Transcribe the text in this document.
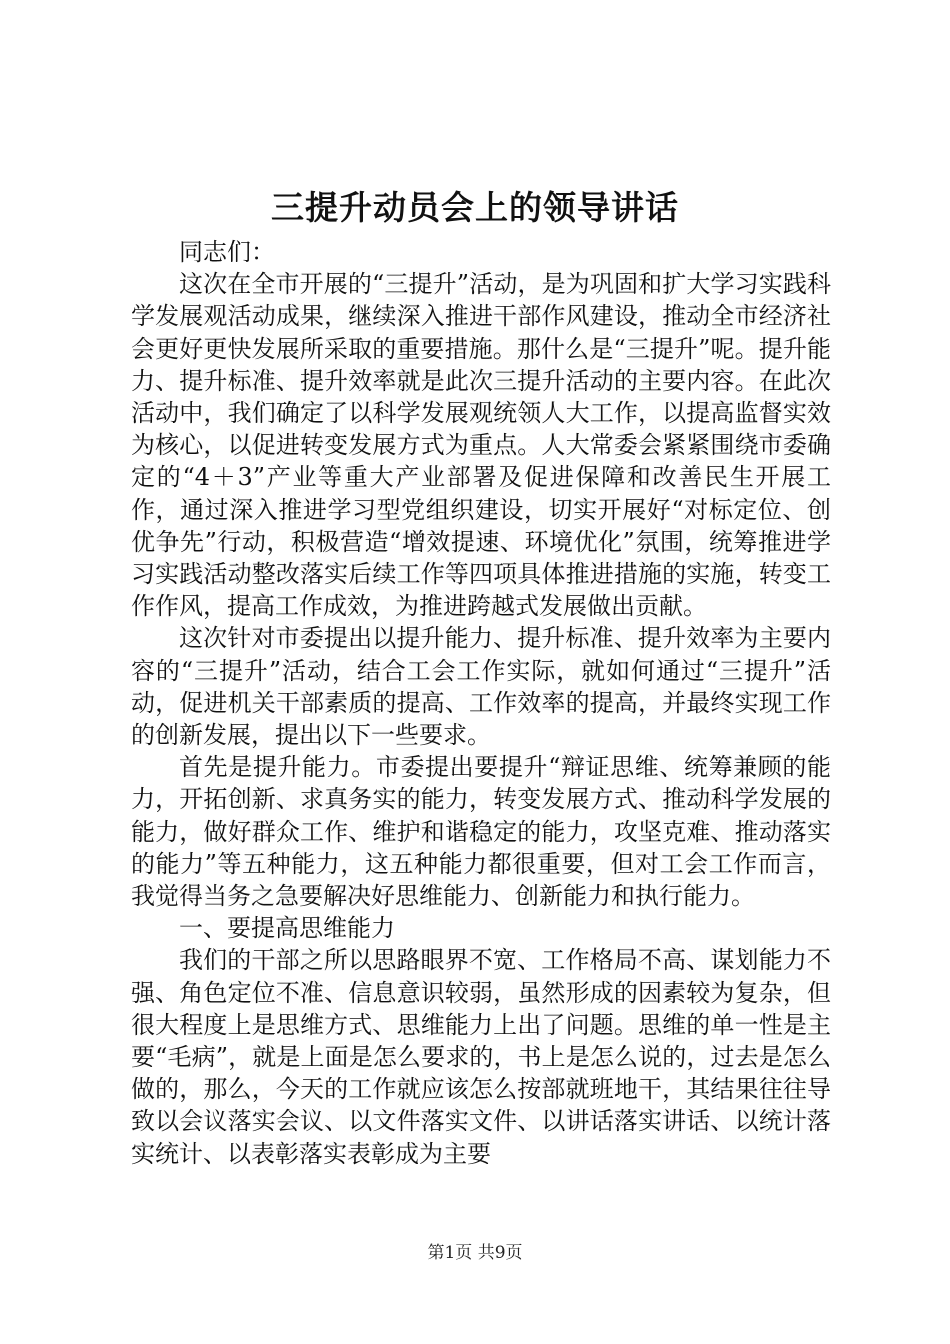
三提升动员会上的领导讲话

同志们：

这次在全市开展的“三提升”活动，是为巩固和扩大学习实践科学发展观活动成果，继续深入推进干部作风建设，推动全市经济社会更好更快发展所采取的重要措施。那什么是“三提升”呢。提升能力、提升标准、提升效率就是此次三提升活动的主要内容。在此次活动中，我们确定了以科学发展观统领人大工作，以提高监督实效为核心，以促进转变发展方式为重点。人大常委会紧紧围绕市委确定的“4＋3”产业等重大产业部署及促进保障和改善民生开展工作，通过深入推进学习型党组织建设，切实开展好“对标定位、创优争先”行动，积极营造“增效提速、环境优化”氛围，统筹推进学习实践活动整改落实后续工作等四项具体推进措施的实施，转变工作作风，提高工作成效，为推进跨越式发展做出贡献。

这次针对市委提出以提升能力、提升标准、提升效率为主要内容的“三提升”活动，结合工会工作实际，就如何通过“三提升”活动，促进机关干部素质的提高、工作效率的提高，并最终实现工作的创新发展，提出以下一些要求。

首先是提升能力。市委提出要提升“辩证思维、统筹兼顾的能力，开拓创新、求真务实的能力，转变发展方式、推动科学发展的能力，做好群众工作、维护和谐稳定的能力，攻坚克难、推动落实的能力”等五种能力，这五种能力都很重要，但对工会工作而言，我觉得当务之急要解决好思维能力、创新能力和执行能力。

一、要提高思维能力

我们的干部之所以思路眼界不宽、工作格局不高、谋划能力不强、角色定位不准、信息意识较弱，虽然形成的因素较为复杂，但很大程度上是思维方式、思维能力上出了问题。思维的单一性是主要“毛病”，就是上面是怎么要求的，书上是怎么说的，过去是怎么做的，那么，今天的工作就应该怎么按部就班地干，其结果往往导致以会议落实会议、以文件落实文件、以讲话落实讲话、以统计落实统计、以表彰落实表彰成为主要

第1页 共9页
